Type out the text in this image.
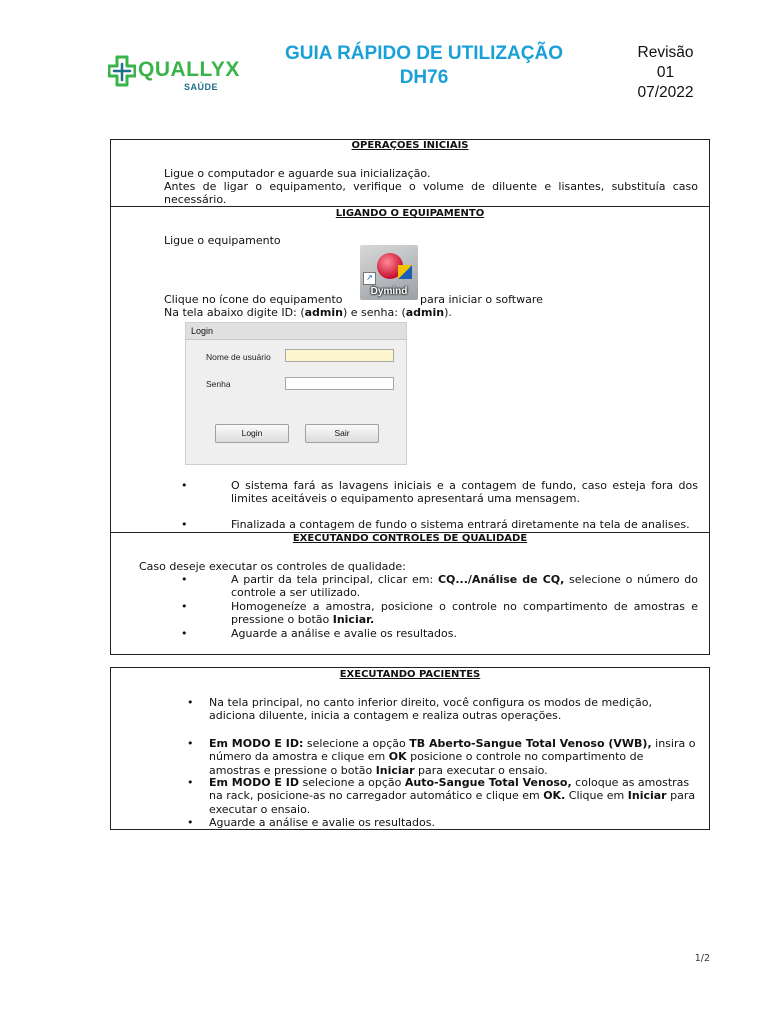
QUALLYX
SAÚDE
GUIA RÁPIDO DE UTILIZAÇÃO
DH76
Revisão
01
07/2022
OPERAÇOES INICIAIS
Ligue o computador e aguarde sua inicialização.
Antes de ligar o equipamento, verifique o volume de diluente e lisantes, substituía caso necessário.
LIGANDO O EQUIPAMENTO
Ligue o equipamento
↗
Dymind
Clique no ícone do equipamento	para iniciar o software
Na tela abaixo digite ID: (admin) e senha: (admin).
Login
Nome de usuário
Senha
Login	Sair
•	O sistema fará as lavagens iniciais e a contagem de fundo, caso esteja fora dos limites aceitáveis o equipamento apresentará uma mensagem.
•	Finalizada a contagem de fundo o sistema entrará diretamente na tela de analises.
EXECUTANDO CONTROLES DE QUALIDADE
Caso deseje executar os controles de qualidade:
•	A partir da tela principal, clicar em: CQ.../Análise de CQ, selecione o número do controle a ser utilizado.
•	Homogeneíze a amostra, posicione o controle no compartimento de amostras e pressione o botão Iniciar.
•	Aguarde a análise e avalie os resultados.
EXECUTANDO PACIENTES
• Na tela principal, no canto inferior direito, você configura os modos de medição, adiciona diluente, inicia a contagem e realiza outras operações.
• Em MODO E ID: selecione a opção TB Aberto-Sangue Total Venoso (VWB), insira o número da amostra e clique em OK posicione o controle no compartimento de amostras e pressione o botão Iniciar para executar o ensaio.
• Em MODO E ID selecione a opção Auto-Sangue Total Venoso, coloque as amostras na rack, posicione-as no carregador automático e clique em OK. Clique em Iniciar para executar o ensaio.
• Aguarde a análise e avalie os resultados.
1/2
